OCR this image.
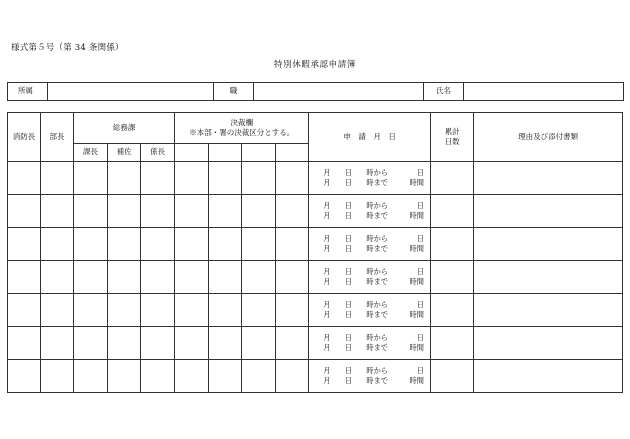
様式第５号（第 34 条関係）
特別休暇承認申請簿
所属		職		氏名	
消防長	部長	総務課			決裁欄
※本部・署の決裁区分とする。				申　請　月　日	累計
日数	理由及び添付書類
		課長	補佐	係長							

									月　　日　　時から　　　　日
月　　日　　時まで　　　時間		

									月　　日　　時から　　　　日
月　　日　　時まで　　　時間		

									月　　日　　時から　　　　日
月　　日　　時まで　　　時間		

									月　　日　　時から　　　　日
月　　日　　時まで　　　時間		

									月　　日　　時から　　　　日
月　　日　　時まで　　　時間		

									月　　日　　時から　　　　日
月　　日　　時まで　　　時間		

									月　　日　　時から　　　　日
月　　日　　時まで　　　時間		
